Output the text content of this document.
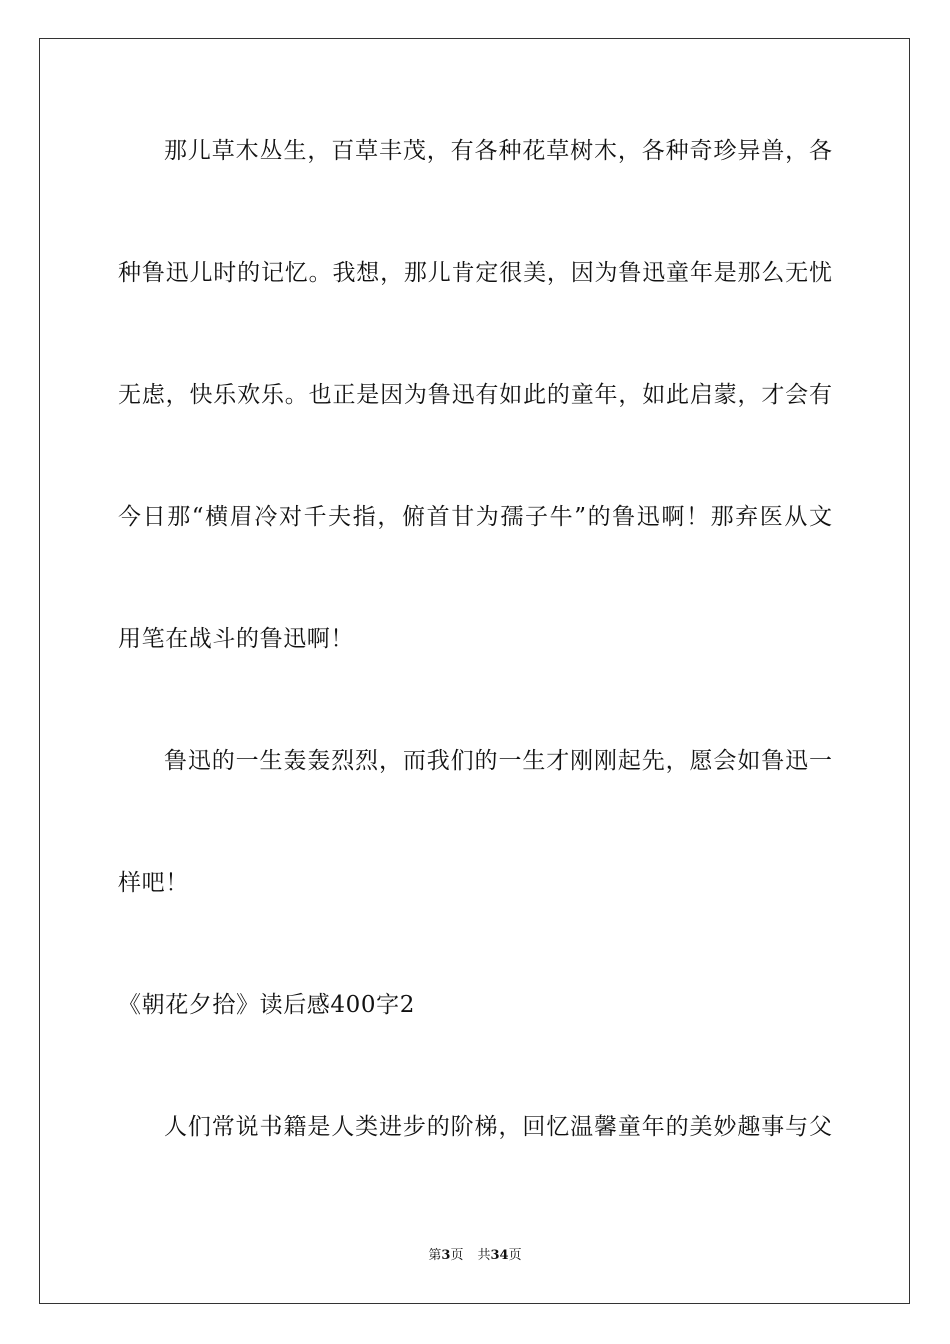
那儿草木丛生，百草丰茂，有各种花草树木，各种奇珍异兽，各
种鲁迅儿时的记忆。我想，那儿肯定很美，因为鲁迅童年是那么无忧
无虑，快乐欢乐。也正是因为鲁迅有如此的童年，如此启蒙，才会有
今日那“横眉冷对千夫指，俯首甘为孺子牛”的鲁迅啊！那弃医从文
用笔在战斗的鲁迅啊！
鲁迅的一生轰轰烈烈，而我们的一生才刚刚起先，愿会如鲁迅一
样吧！
《朝花夕拾》读后感400字2
人们常说书籍是人类进步的阶梯，回忆温馨童年的美妙趣事与父
第3页 共34页
